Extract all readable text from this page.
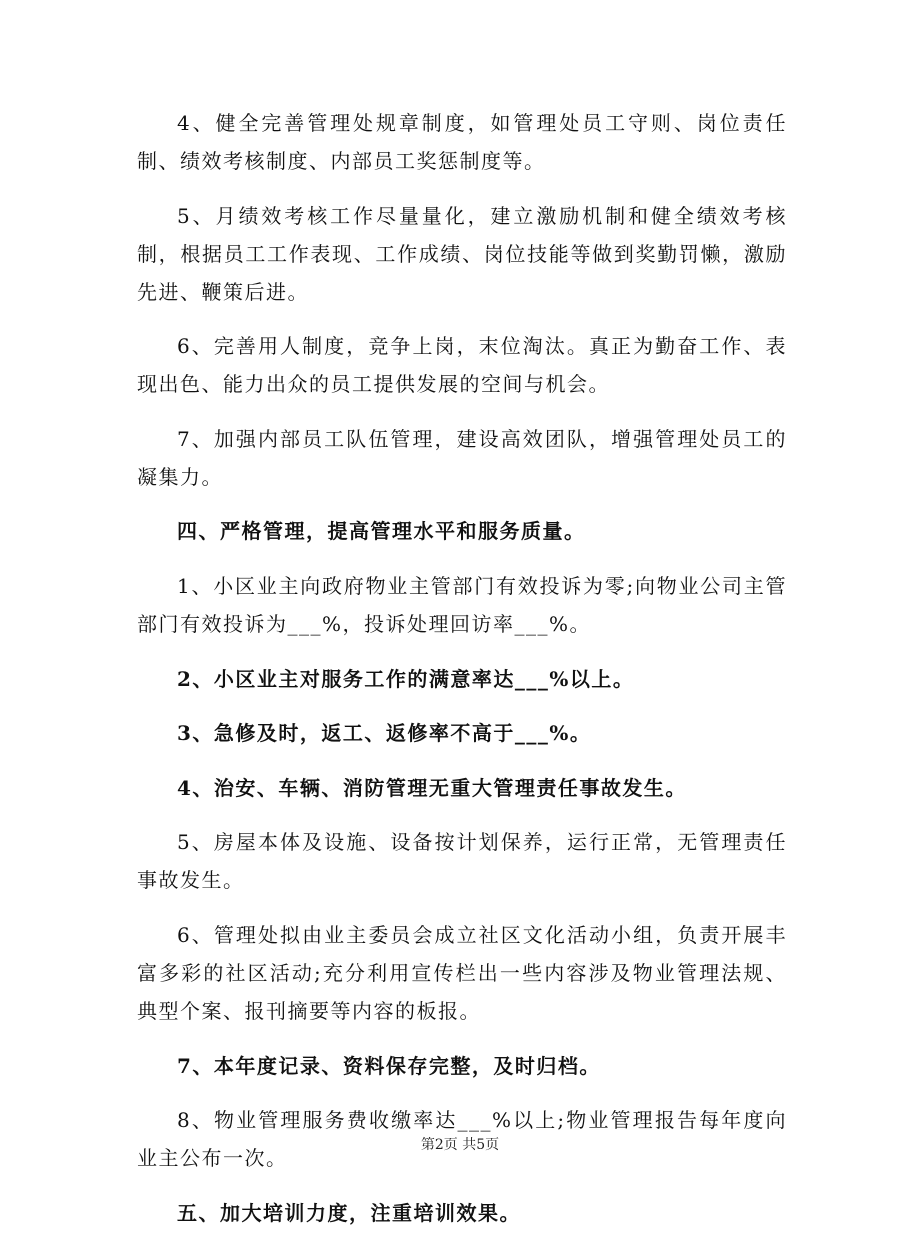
4、健全完善管理处规章制度，如管理处员工守则、岗位责任制、绩效考核制度、内部员工奖惩制度等。

5、月绩效考核工作尽量量化，建立激励机制和健全绩效考核制，根据员工工作表现、工作成绩、岗位技能等做到奖勤罚懒，激励先进、鞭策后进。

6、完善用人制度，竞争上岗，末位淘汰。真正为勤奋工作、表现出色、能力出众的员工提供发展的空间与机会。

7、加强内部员工队伍管理，建设高效团队，增强管理处员工的凝集力。

四、严格管理，提高管理水平和服务质量。

1、小区业主向政府物业主管部门有效投诉为零;向物业公司主管部门有效投诉为___%，投诉处理回访率___%。

2、小区业主对服务工作的满意率达___%以上。

3、急修及时，返工、返修率不高于___%。

4、治安、车辆、消防管理无重大管理责任事故发生。

5、房屋本体及设施、设备按计划保养，运行正常，无管理责任事故发生。

6、管理处拟由业主委员会成立社区文化活动小组，负责开展丰富多彩的社区活动;充分利用宣传栏出一些内容涉及物业管理法规、典型个案、报刊摘要等内容的板报。

7、本年度记录、资料保存完整，及时归档。

8、物业管理服务费收缴率达___%以上;物业管理报告每年度向业主公布一次。

五、加大培训力度，注重培训效果。

第2页 共5页
